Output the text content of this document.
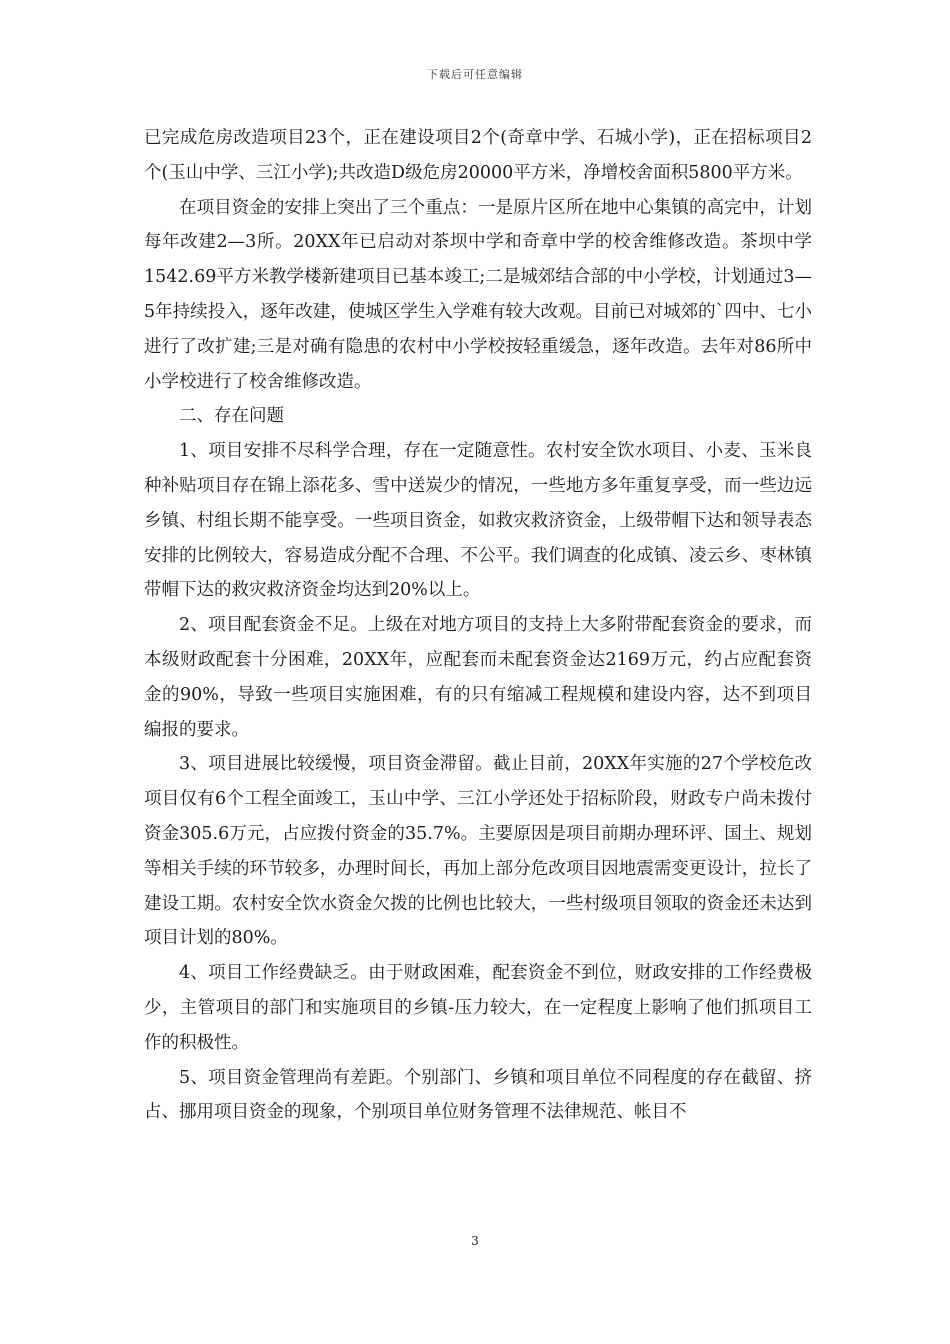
下载后可任意编辑

已完成危房改造项目23个，正在建设项目2个(奇章中学、石城小学)，正在招标项目2个(玉山中学、三江小学);共改造D级危房20000平方米，净增校舍面积5800平方米。

在项目资金的安排上突出了三个重点：一是原片区所在地中心集镇的高完中，计划每年改建2—3所。20XX年已启动对茶坝中学和奇章中学的校舍维修改造。茶坝中学1542.69平方米教学楼新建项目已基本竣工;二是城郊结合部的中小学校，计划通过3—5年持续投入，逐年改建，使城区学生入学难有较大改观。目前已对城郊的`四中、七小进行了改扩建;三是对确有隐患的农村中小学校按轻重缓急，逐年改造。去年对86所中小学校进行了校舍维修改造。

二、存在问题

1、项目安排不尽科学合理，存在一定随意性。农村安全饮水项目、小麦、玉米良种补贴项目存在锦上添花多、雪中送炭少的情况，一些地方多年重复享受，而一些边远乡镇、村组长期不能享受。一些项目资金，如救灾救济资金，上级带帽下达和领导表态安排的比例较大，容易造成分配不合理、不公平。我们调查的化成镇、凌云乡、枣林镇带帽下达的救灾救济资金均达到20%以上。

2、项目配套资金不足。上级在对地方项目的支持上大多附带配套资金的要求，而本级财政配套十分困难，20XX年，应配套而未配套资金达2169万元，约占应配套资金的90%，导致一些项目实施困难，有的只有缩减工程规模和建设内容，达不到项目编报的要求。

3、项目进展比较缓慢，项目资金滞留。截止目前，20XX年实施的27个学校危改项目仅有6个工程全面竣工，玉山中学、三江小学还处于招标阶段，财政专户尚未拨付资金305.6万元，占应拨付资金的35.7%。主要原因是项目前期办理环评、国土、规划等相关手续的环节较多，办理时间长，再加上部分危改项目因地震需变更设计，拉长了建设工期。农村安全饮水资金欠拨的比例也比较大，一些村级项目领取的资金还未达到项目计划的80%。

4、项目工作经费缺乏。由于财政困难，配套资金不到位，财政安排的工作经费极少，主管项目的部门和实施项目的乡镇-压力较大，在一定程度上影响了他们抓项目工作的积极性。

5、项目资金管理尚有差距。个别部门、乡镇和项目单位不同程度的存在截留、挤占、挪用项目资金的现象，个别项目单位财务管理不法律规范、帐目不

3
